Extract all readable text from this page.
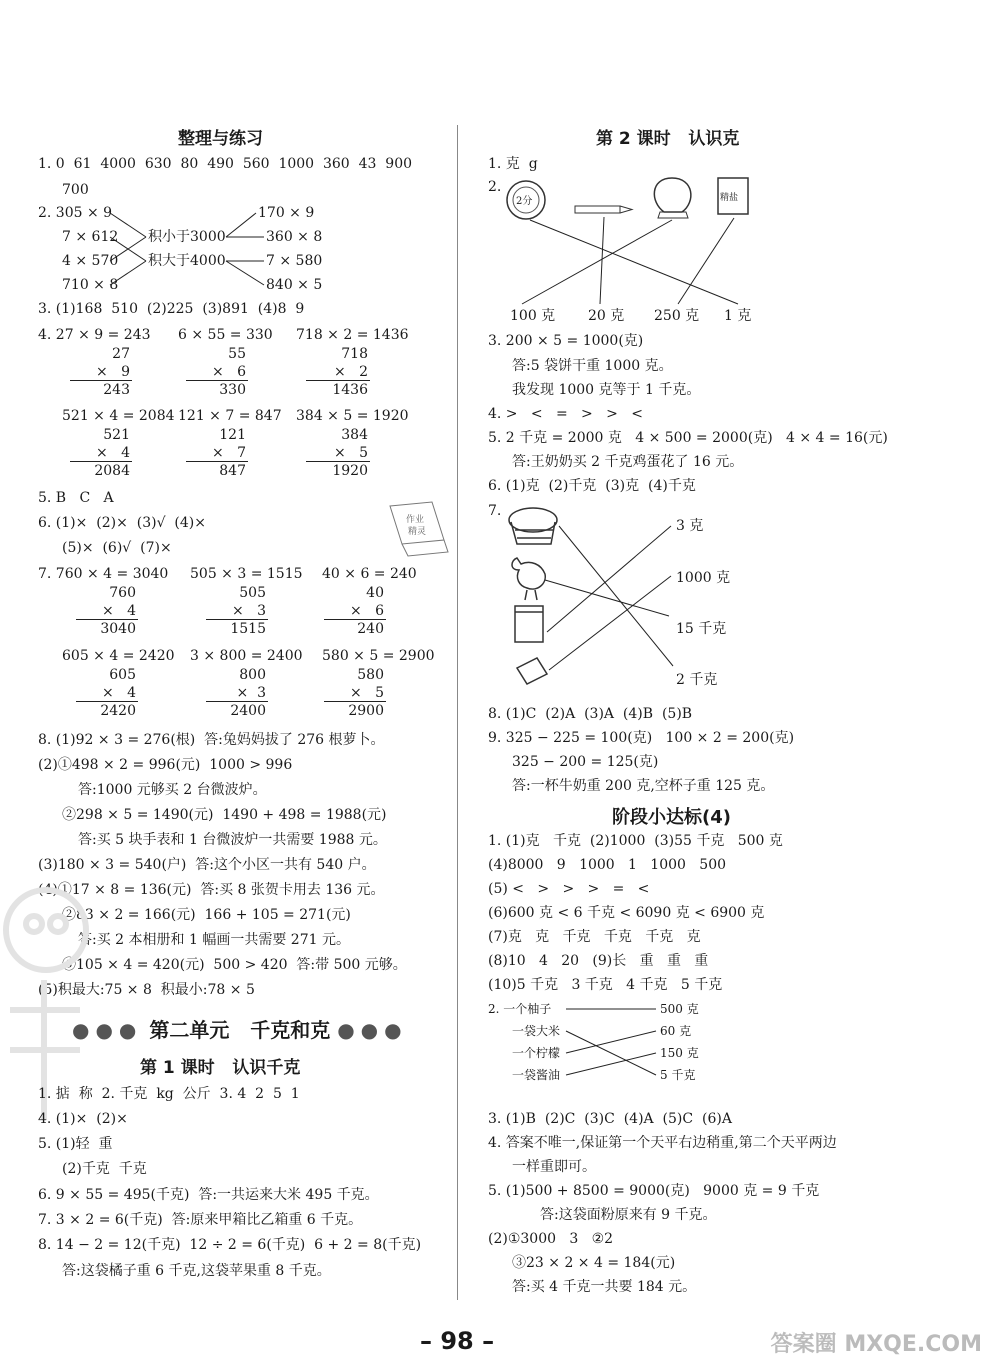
整理与练习
1. 0  61  4000  630  80  490  560  1000  360  43  900
700
2. 305 × 9
7 × 612
4 × 570
710 × 8
积小于3000
积大于4000
170 × 9
360 × 8
7 × 580
840 × 5
3. (1)168  510  (2)225  (3)891  (4)8  9
4. 27 × 9 = 243 6 × 55 = 330 718 × 2 = 1436
27
×   9
243
55
×   6
330
718
×   2
1436
521 × 4 = 2084 121 × 7 = 847 384 × 5 = 1920
521
×   4
2084
121
×   7
847
384
×   5
1920
5. B   C   A
6. (1)×  (2)×  (3)√  (4)×
(5)×  (6)√  (7)×
作业
精灵
7. 760 × 4 = 3040 505 × 3 = 1515 40 × 6 = 240
760
×   4
3040
505
×   3
1515
40
×   6
240
605 × 4 = 2420 3 × 800 = 2400 580 × 5 = 2900
605
×   4
2420
800
×  3
2400
580
×   5
2900
8. (1)92 × 3 = 276(根)  答:兔妈妈拔了 276 根萝卜。
(2)①498 × 2 = 996(元)  1000 > 996
答:1000 元够买 2 台微波炉。
②298 × 5 = 1490(元)  1490 + 498 = 1988(元)
答:买 5 块手表和 1 台微波炉一共需要 1988 元。
(3)180 × 3 = 540(户)  答:这个小区一共有 540 户。
(4)①17 × 8 = 136(元)  答:买 8 张贺卡用去 136 元。
②83 × 2 = 166(元)  166 + 105 = 271(元)
答:买 2 本相册和 1 幅画一共需要 271 元。
③105 × 4 = 420(元)  500 > 420  答:带 500 元够。
(5)积最大:75 × 8  积最小:78 × 5
●●● 第二单元   千克和克 ●●●
第 1 课时   认识千克
1. 掂  称  2. 千克  kg  公斤  3. 4  2  5  1
4. (1)×  (2)×
5. (1)轻  重
(2)千克  千克
6. 9 × 55 = 495(千克)  答:一共运来大米 495 千克。
7. 3 × 2 = 6(千克)  答:原来甲箱比乙箱重 6 千克。
8. 14 − 2 = 12(千克)  12 ÷ 2 = 6(千克)  6 + 2 = 8(千克)
答:这袋橘子重 6 千克,这袋苹果重 8 千克。
第 2 课时   认识克
1. 克  g
2.
2分	精盐
100 克 20 克 250 克 1 克
3. 200 × 5 = 1000(克)
答:5 袋饼干重 1000 克。
我发现 1000 克等于 1 千克。
4. >   <   =   >   >   <
5. 2 千克 = 2000 克   4 × 500 = 2000(克)   4 × 4 = 16(元)
答:王奶奶买 2 千克鸡蛋花了 16 元。
6. (1)克  (2)千克  (3)克  (4)千克
7.
3 克
1000 克
15 千克
2 千克
8. (1)C  (2)A  (3)A  (4)B  (5)B
9. 325 − 225 = 100(克)   100 × 2 = 200(克)
325 − 200 = 125(克)
答:一杯牛奶重 200 克,空杯子重 125 克。
阶段小达标(4)
1. (1)克   千克  (2)1000  (3)55 千克   500 克
(4)8000   9   1000   1   1000   500
(5) <   >   >   >   =   <
(6)600 克 < 6 千克 < 6090 克 < 6900 克
(7)克   克   千克   千克   千克   克
(8)10   4   20   (9)长   重   重   重
(10)5 千克   3 千克   4 千克   5 千克
2. 一个柚子
一袋大米
一个柠檬
一袋酱油
500 克
60 克
150 克
5 千克
3. (1)B  (2)C  (3)C  (4)A  (5)C  (6)A
4. 答案不唯一,保证第一个天平右边稍重,第二个天平两边
一样重即可。
5. (1)500 + 8500 = 9000(克)   9000 克 = 9 千克
答:这袋面粉原来有 9 千克。
(2)①3000   3   ②2
③23 × 2 × 4 = 184(元)
答:买 4 千克一共要 184 元。
– 98 –	答案圈 MXQE.COM
